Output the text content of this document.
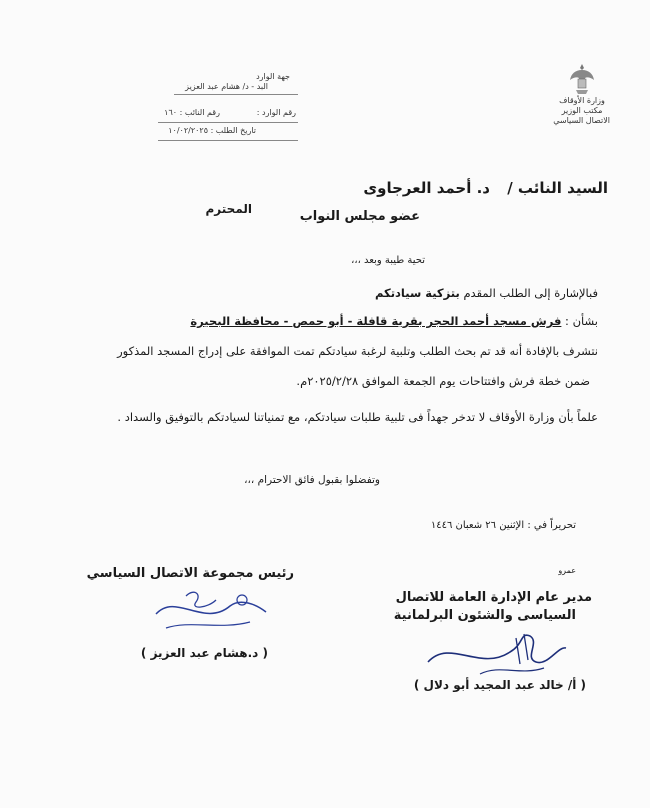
وزارة الأوقاف
مكتب الوزير
الاتصال السياسي
جهة الوارد
البد - د/ هشام عبد العزيز
رقم الوارد :
رقم النائب : ١٦٠
تاريخ الطلب :
١٠/٠٢/٢٠٢٥
السيد النائب /
د. أحمد العرجاوى
عضو مجلس النواب
المحترم
تحية طيبة وبعد ،،،
فبالإشارة إلى الطلب المقدم بتزكية سيادتكم
بشأن : فرش مسجد أحمد الحجر بقرية قافلة - أبو حمص - محافظة البحيرة
نتشرف بالإفادة أنه قد تم بحث الطلب وتلبية لرغبة سيادتكم تمت الموافقة على إدراج المسجد المذكور
ضمن خطة فرش وافتتاحات يوم الجمعة الموافق ٢٠٢٥/٢/٢٨م.
علماً بأن وزارة الأوقاف لا تدخر جهداً فى تلبية طلبات سيادتكم، مع تمنياتنا لسيادتكم بالتوفيق والسداد .
وتفضلوا بقبول فائق الاحترام ،،،
تحريراً في : الإثنين ٢٦ شعبان ١٤٤٦
عمرو
مدير عام الإدارة العامة للاتصال
السياسى والشئون البرلمانية
( أ/ خالد عبد المجيد أبو دلال )
رئيس مجموعة الاتصال السياسي
( د.هشام عبد العزيز )
